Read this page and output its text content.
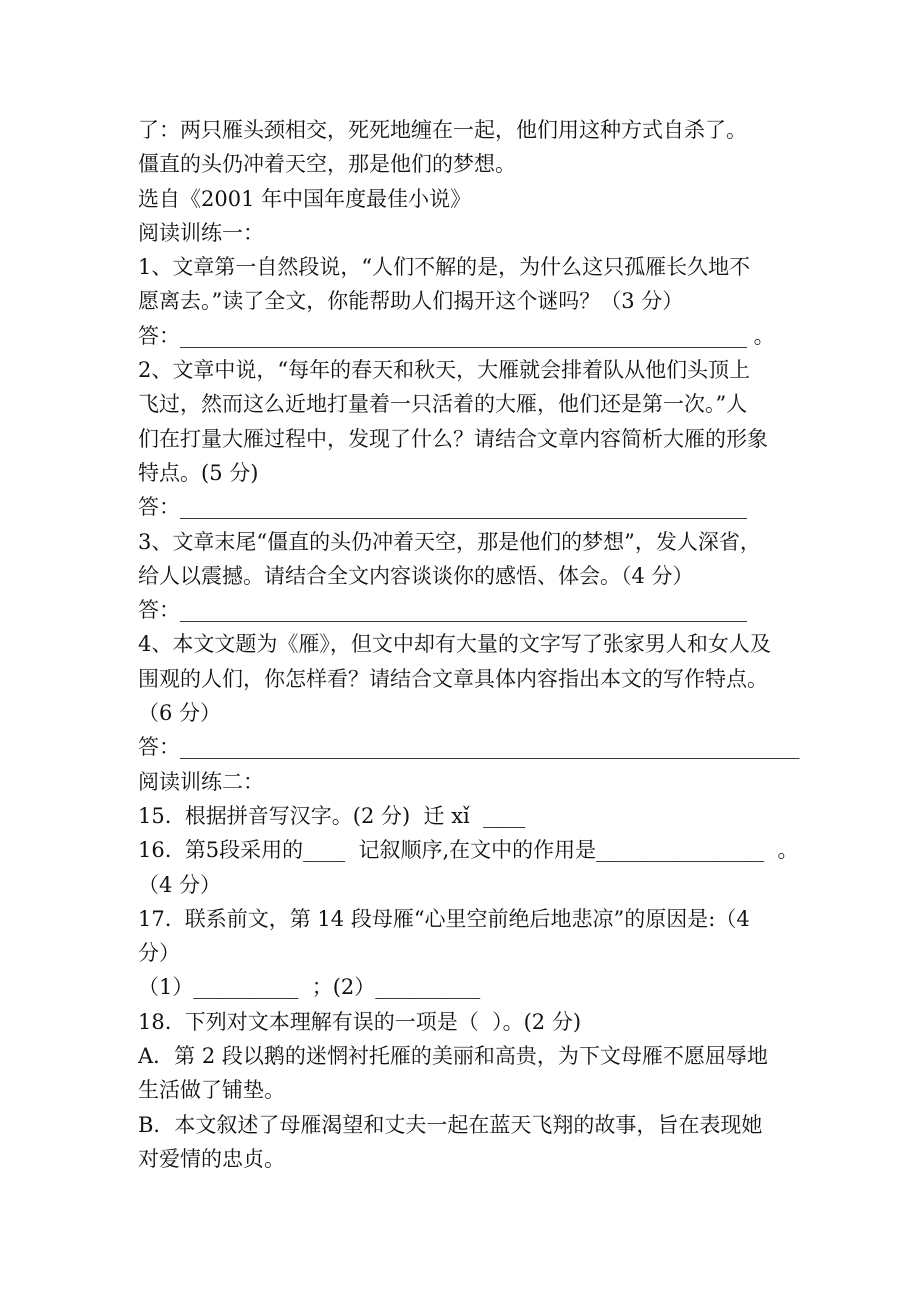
了：两只雁头颈相交，死死地缠在一起，他们用这种方式自杀了。
僵直的头仍冲着天空，那是他们的梦想。
选自《2001 年中国年度最佳小说》
阅读训练一：
1、文章第一自然段说，“人们不解的是，为什么这只孤雁长久地不
愿离去。”读了全文，你能帮助人们揭开这个谜吗？（3 分）
答：______________________________________________________ 。
2、文章中说，“每年的春天和秋天，大雁就会排着队从他们头顶上
飞过，然而这么近地打量着一只活着的大雁，他们还是第一次。”人
们在打量大雁过程中，发现了什么？请结合文章内容简析大雁的形象
特点。(5 分)
答：______________________________________________________
3、文章末尾“僵直的头仍冲着天空，那是他们的梦想”，发人深省，
给人以震撼。请结合全文内容谈谈你的感悟、体会。（4 分）
答：______________________________________________________
4、本文文题为《雁》，但文中却有大量的文字写了张家男人和女人及
围观的人们，你怎样看？请结合文章具体内容指出本文的写作特点。
（6 分）
答：___________________________________________________________
阅读训练二：
15.  根据拼音写汉字。(2 分)  迁 xǐ  ____
16.  第5段采用的____  记叙顺序,在文中的作用是________________  。
（4 分）
17.  联系前文，第 14 段母雁“心里空前绝后地悲凉”的原因是:（4
分）
（1）__________  ；(2）__________
18.  下列对文本理解有误的一项是（  ）。(2 分)
A．第 2 段以鹅的迷惘衬托雁的美丽和高贵，为下文母雁不愿屈辱地
生活做了铺垫。
B．本文叙述了母雁渴望和丈夫一起在蓝天飞翔的故事，旨在表现她
对爱情的忠贞。
